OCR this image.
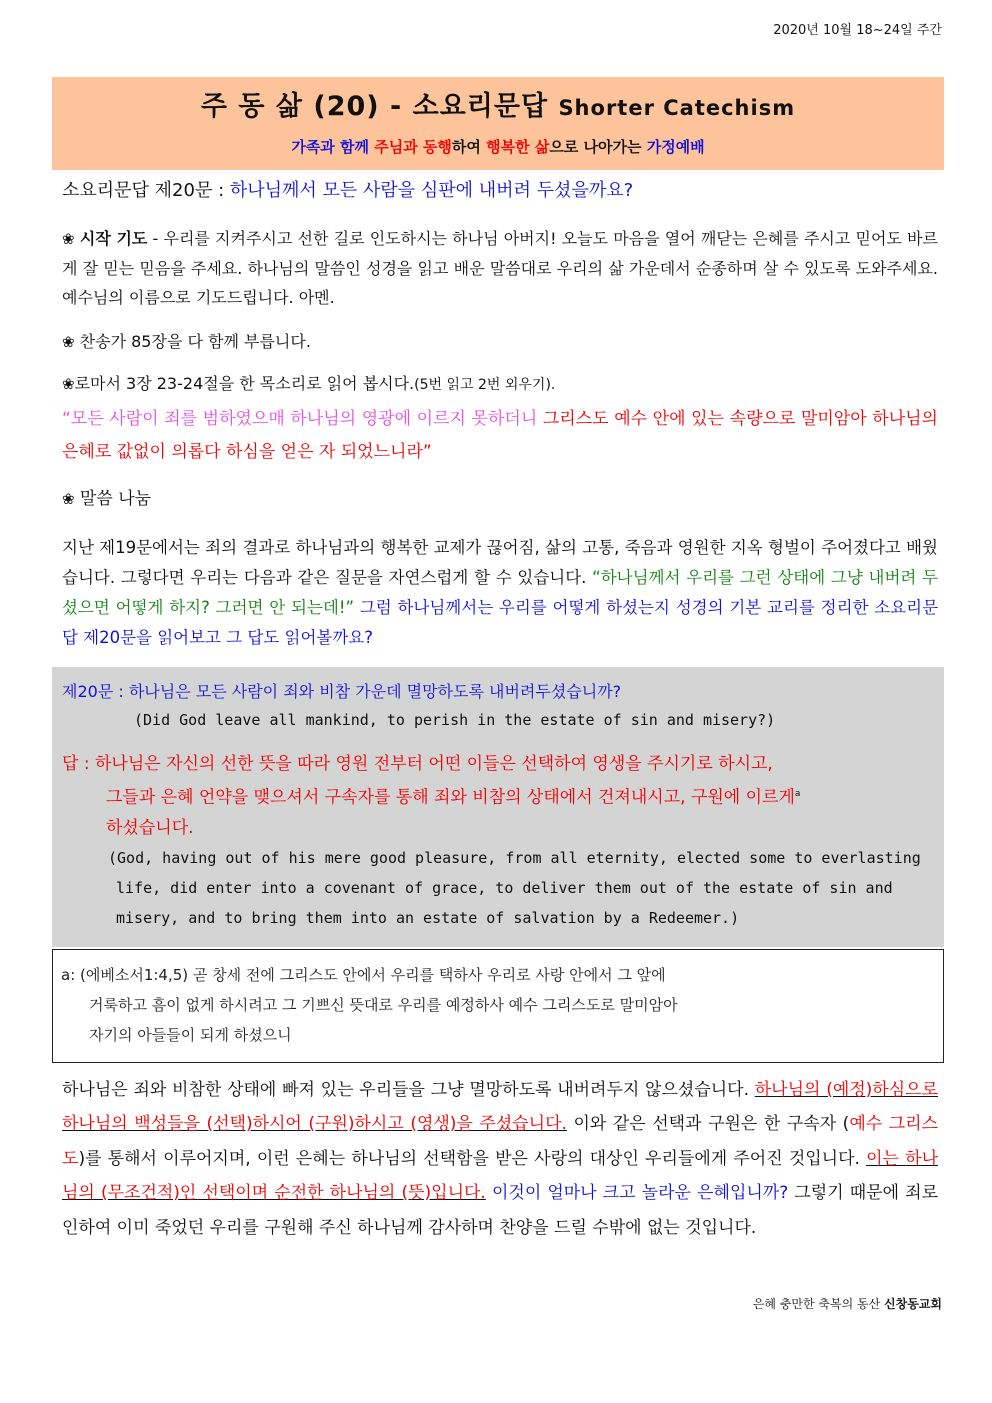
2020년 10월 18~24일 주간
주 동 삶 (20) - 소요리문답 Shorter Catechism
가족과 함께 주님과 동행하여 행복한 삶으로 나아가는 가정예배
소요리문답 제20문 : 하나님께서 모든 사람을 심판에 내버려 두셨을까요?
❀ 시작 기도 - 우리를 지켜주시고 선한 길로 인도하시는 하나님 아버지! 오늘도 마음을 열어 깨닫는 은혜를 주시고 믿어도 바르게 잘 믿는 믿음을 주세요. 하나님의 말씀인 성경을 읽고 배운 말씀대로 우리의 삶 가운데서 순종하며 살 수 있도록 도와주세요. 예수님의 이름으로 기도드립니다. 아멘.
❀ 찬송가 85장을 다 함께 부릅니다.
❀로마서 3장 23-24절을 한 목소리로 읽어 봅시다.(5번 읽고 2번 외우기).
“모든 사람이 죄를 범하였으매 하나님의 영광에 이르지 못하더니 그리스도 예수 안에 있는 속량으로 말미암아 하나님의 은혜로 값없이 의롭다 하심을 얻은 자 되었느니라”
❀ 말씀 나눔
지난 제19문에서는 죄의 결과로 하나님과의 행복한 교제가 끊어짐, 삶의 고통, 죽음과 영원한 지옥 형벌이 주어졌다고 배웠습니다. 그렇다면 우리는 다음과 같은 질문을 자연스럽게 할 수 있습니다. “하나님께서 우리를 그런 상태에 그냥 내버려 두셨으면 어떻게 하지? 그러면 안 되는데!” 그럼 하나님께서는 우리를 어떻게 하셨는지 성경의 기본 교리를 정리한 소요리문답 제20문을 읽어보고 그 답도 읽어볼까요?
제20문 : 하나님은 모든 사람이 죄와 비참 가운데 멸망하도록 내버려두셨습니까?
(Did God leave all mankind, to perish in the estate of sin and misery?)
답 : 하나님은 자신의 선한 뜻을 따라 영원 전부터 어떤 이들은 선택하여 영생을 주시기로 하시고,
그들과 은혜 언약을 맺으셔서 구속자를 통해 죄와 비참의 상태에서 건져내시고, 구원에 이르게$^a$
하셨습니다.
(God, having out of his mere good pleasure, from all eternity, elected some to everlasting
life, did enter into a covenant of grace, to deliver them out of the estate of sin and
misery, and to bring them into an estate of salvation by a Redeemer.)
a: (에베소서1:4,5) 곧 창세 전에 그리스도 안에서 우리를 택하사 우리로 사랑 안에서 그 앞에
거룩하고 흠이 없게 하시려고 그 기쁘신 뜻대로 우리를 예정하사 예수 그리스도로 말미암아
자기의 아들들이 되게 하셨으니
하나님은 죄와 비참한 상태에 빠져 있는 우리들을 그냥 멸망하도록 내버려두지 않으셨습니다. 하나님의 (예정)하심으로 하나님의 백성들을 (선택)하시어 (구원)하시고 (영생)을 주셨습니다. 이와 같은 선택과 구원은 한 구속자 (예수 그리스도)를 통해서 이루어지며, 이런 은혜는 하나님의 선택함을 받은 사랑의 대상인 우리들에게 주어진 것입니다. 이는 하나님의 (무조건적)인 선택이며 순전한 하나님의 (뜻)입니다. 이것이 얼마나 크고 놀라운 은혜입니까? 그렇기 때문에 죄로 인하여 이미 죽었던 우리를 구원해 주신 하나님께 감사하며 찬양을 드릴 수밖에 없는 것입니다.
은혜 충만한 축복의 동산 신창동교회
